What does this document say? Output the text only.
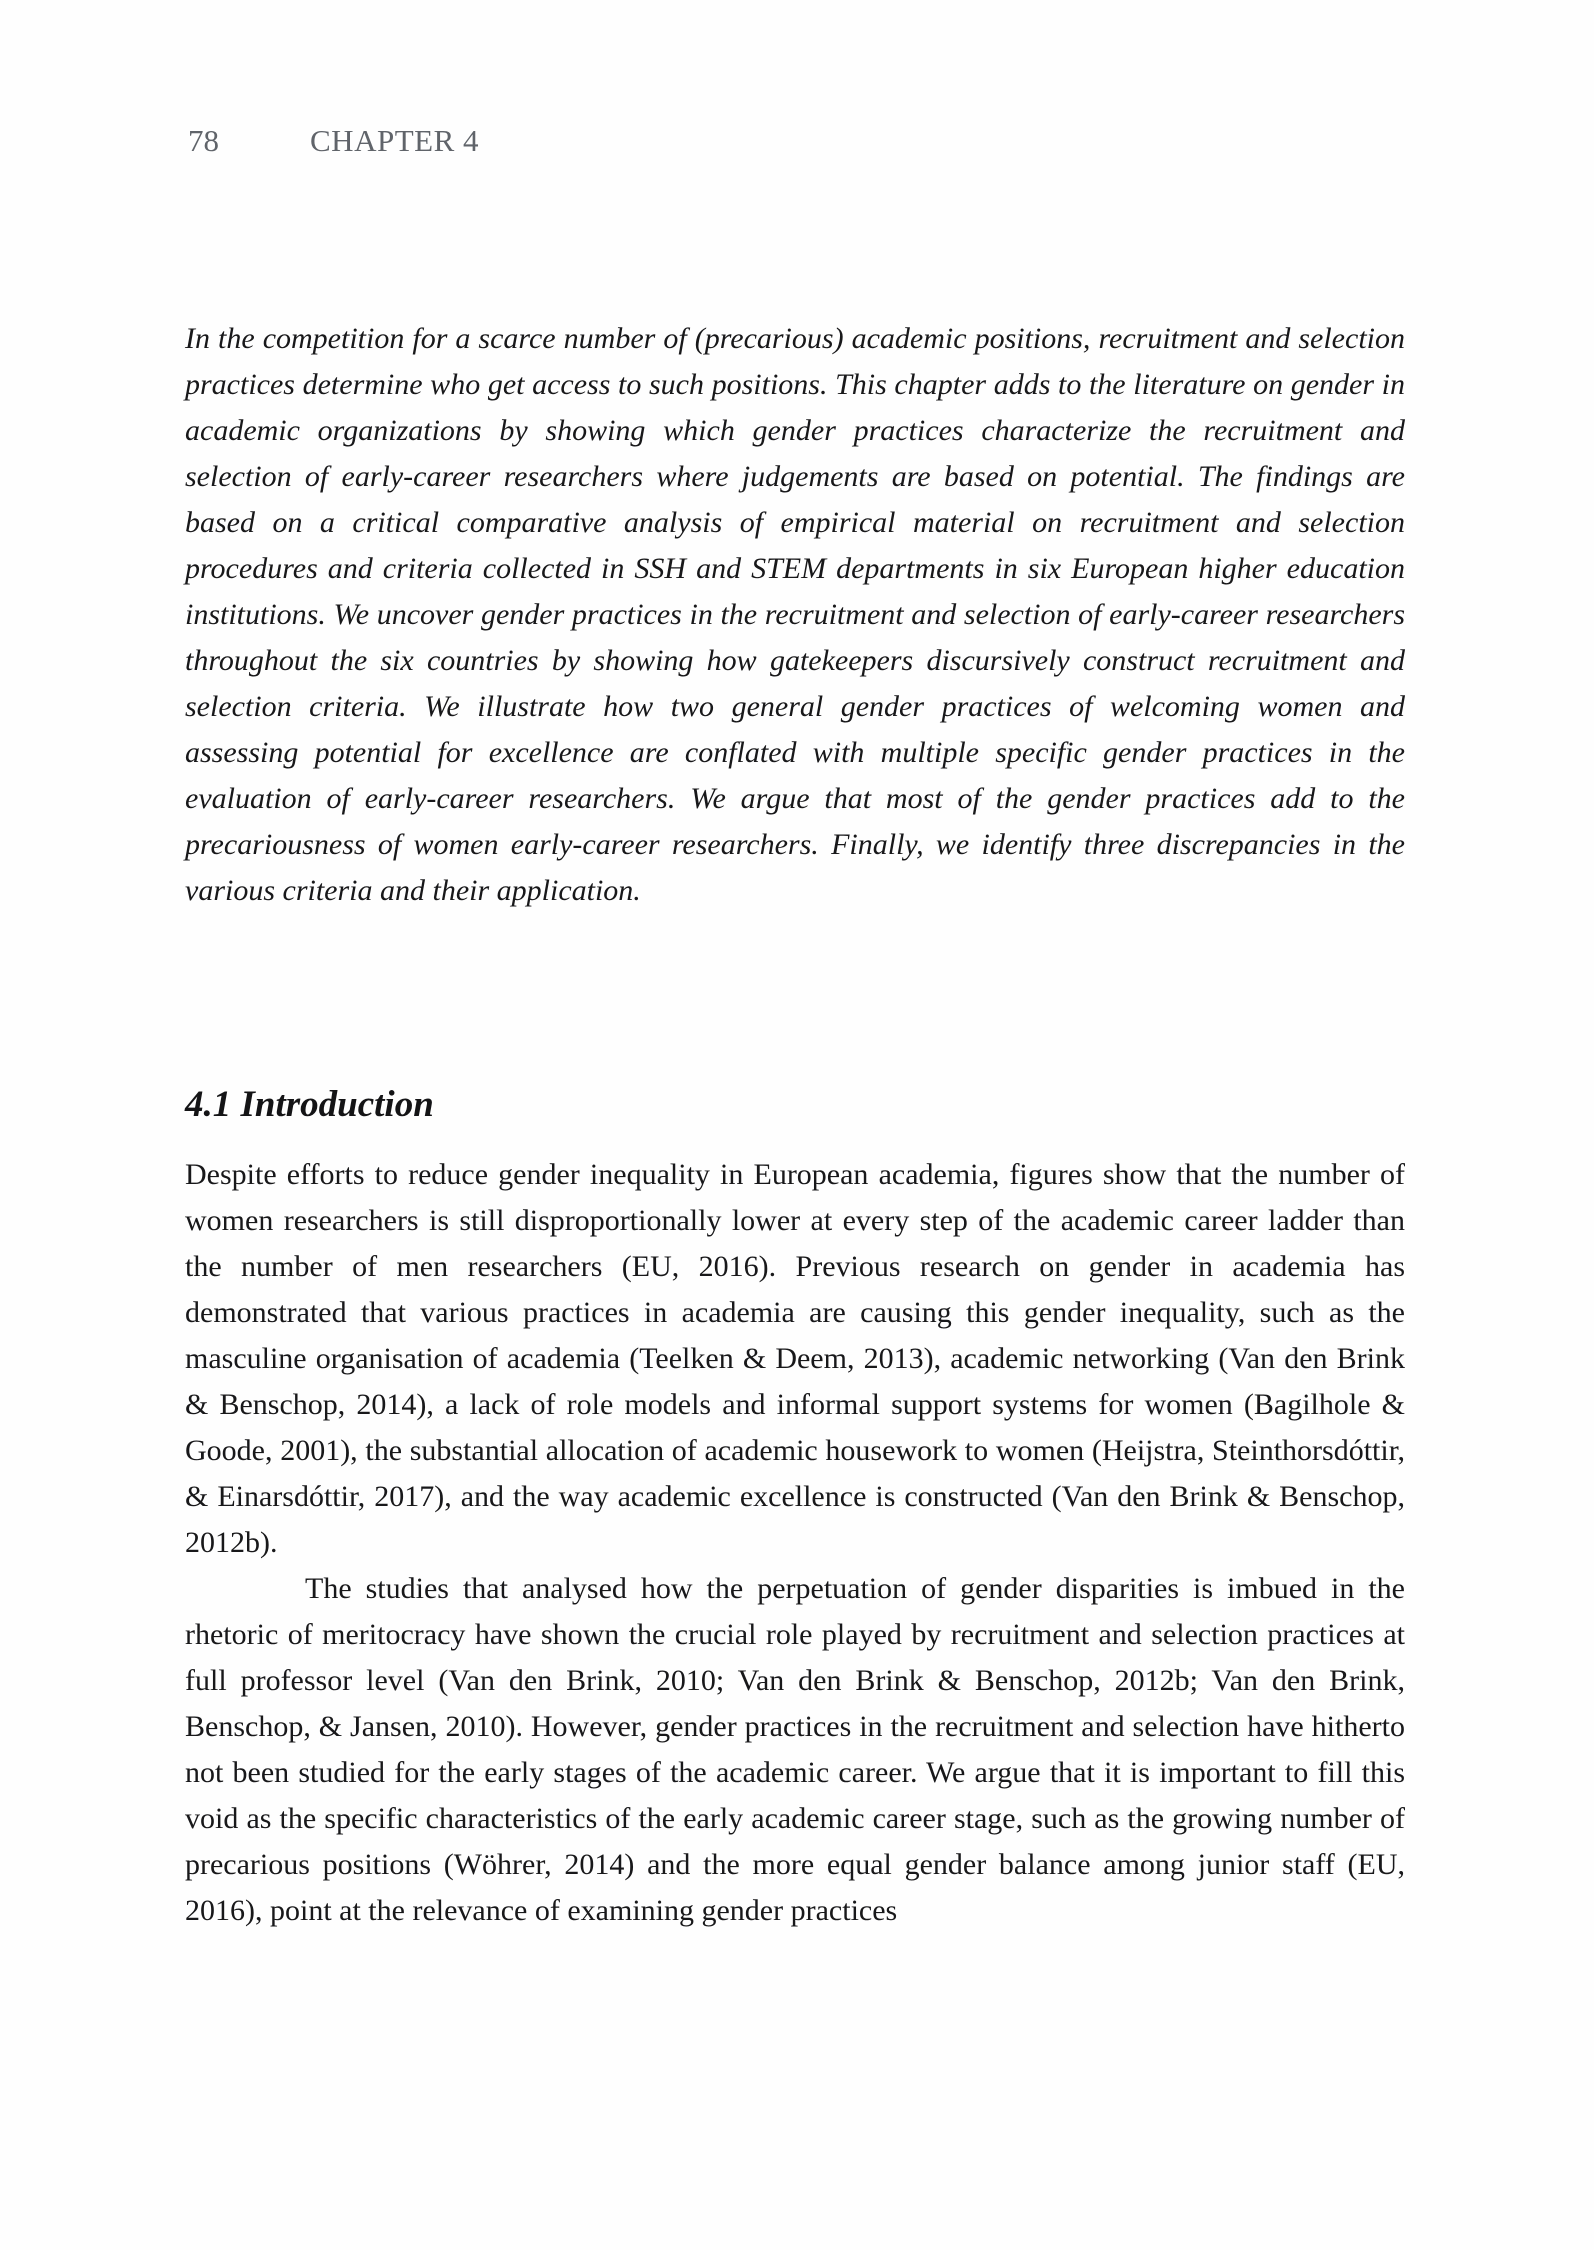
78	CHAPTER 4
In the competition for a scarce number of (precarious) academic positions, recruitment and selection practices determine who get access to such positions. This chapter adds to the literature on gender in academic organizations by showing which gender practices characterize the recruitment and selection of early-career researchers where judgements are based on potential. The findings are based on a critical comparative analysis of empirical material on recruitment and selection procedures and criteria collected in SSH and STEM departments in six European higher education institutions. We uncover gender practices in the recruitment and selection of early-career researchers throughout the six countries by showing how gatekeepers discursively construct recruitment and selection criteria. We illustrate how two general gender practices of welcoming women and assessing potential for excellence are conflated with multiple specific gender practices in the evaluation of early-career researchers. We argue that most of the gender practices add to the precariousness of women early-career researchers. Finally, we identify three discrepancies in the various criteria and their application.
4.1 Introduction

Despite efforts to reduce gender inequality in European academia, figures show that the number of women researchers is still disproportionally lower at every step of the academic career ladder than the number of men researchers (EU, 2016). Previous research on gender in academia has demonstrated that various practices in academia are causing this gender inequality, such as the masculine organisation of academia (Teelken & Deem, 2013), academic networking (Van den Brink & Benschop, 2014), a lack of role models and informal support systems for women (Bagilhole & Goode, 2001), the substantial allocation of academic housework to women (Heijstra, Steinthorsdóttir, & Einarsdóttir, 2017), and the way academic excellence is constructed (Van den Brink & Benschop, 2012b).

The studies that analysed how the perpetuation of gender disparities is imbued in the rhetoric of meritocracy have shown the crucial role played by recruitment and selection practices at full professor level (Van den Brink, 2010; Van den Brink & Benschop, 2012b; Van den Brink, Benschop, & Jansen, 2010). However, gender practices in the recruitment and selection have hitherto not been studied for the early stages of the academic career. We argue that it is important to fill this void as the specific characteristics of the early academic career stage, such as the growing number of precarious positions (Wöhrer, 2014) and the more equal gender balance among junior staff (EU, 2016), point at the relevance of examining gender practices
